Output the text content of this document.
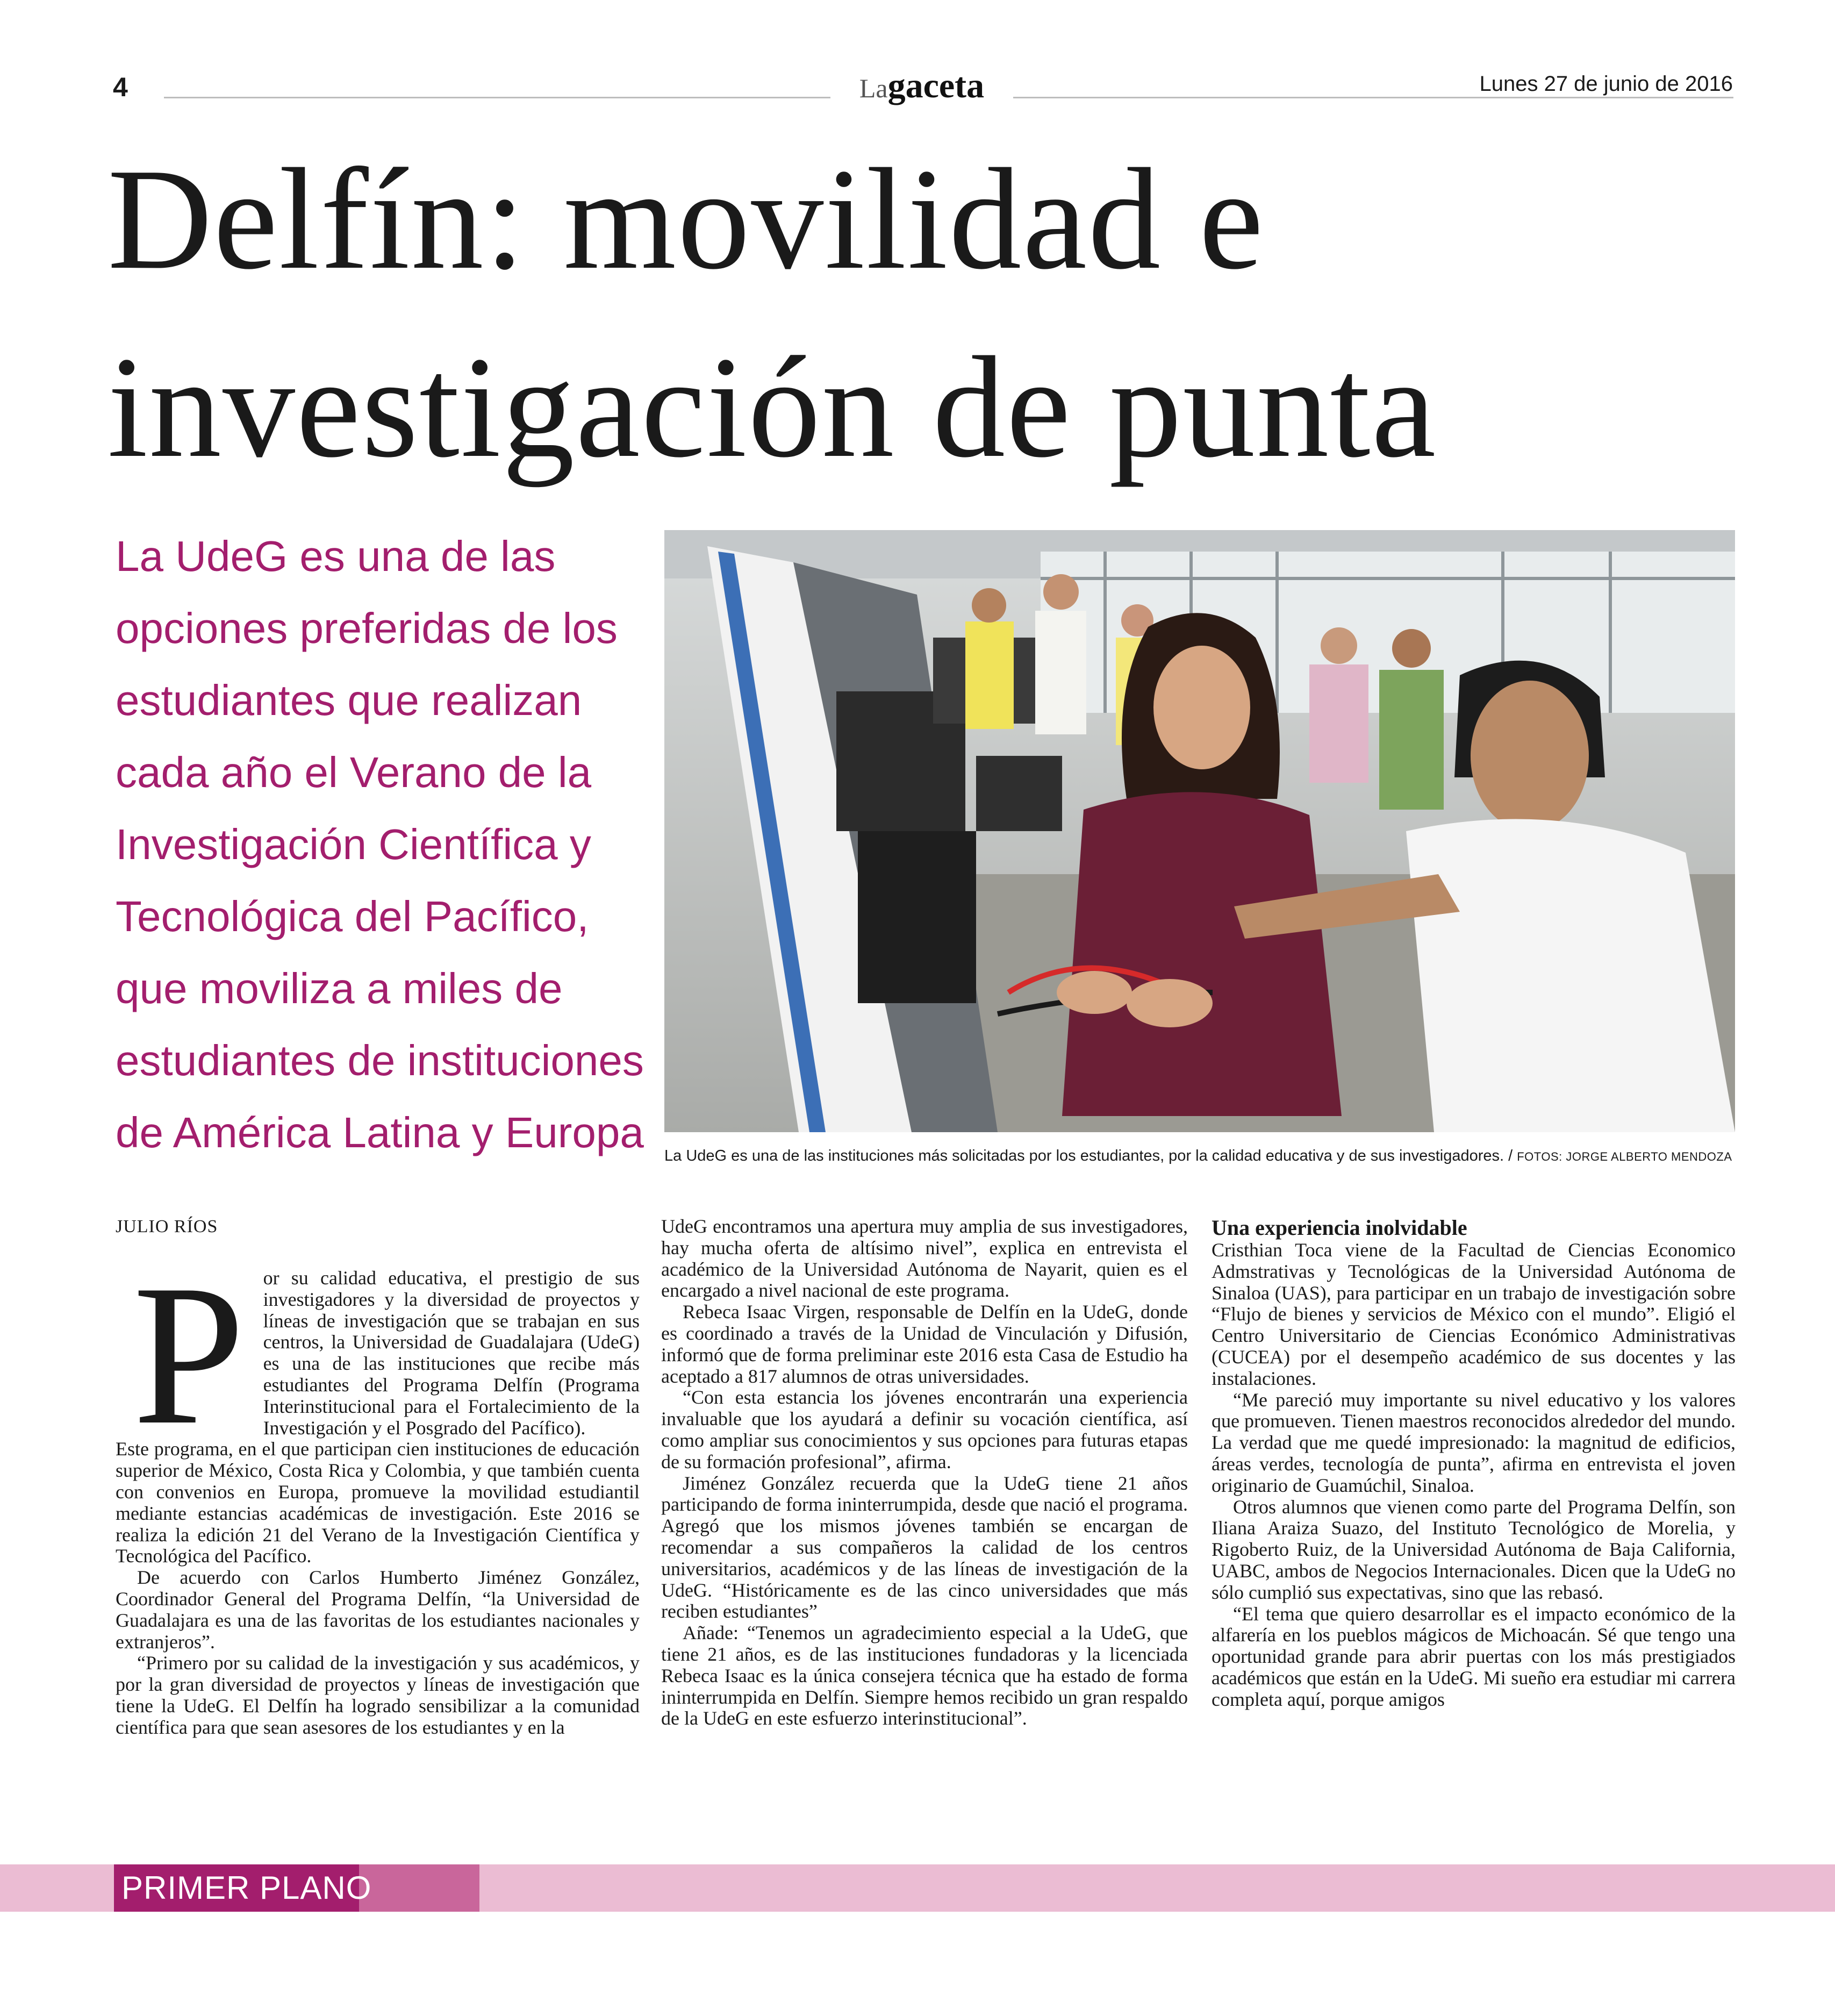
4	Lagaceta	Lunes 27 de junio de 2016
Delfín: movilidad e
investigación de punta
La UdeG es una de las opciones preferidas de los estudiantes que realizan cada año el Verano de la Investigación Científica y Tecnológica del Pacífico, que moviliza a miles de estudiantes de instituciones de América Latina y Europa	La UdeG es una de las instituciones más solicitadas por los estudiantes, por la calidad educativa y de sus investigadores. / FOTOS: JORGE ALBERTO MENDOZA
JULIO RÍOS
P or su calidad educativa, el prestigio de sus investigadores y la diversidad de proyectos y líneas de investigación que se trabajan en sus centros, la Universidad de Guadalajara (UdeG) es una de las instituciones que recibe más estudiantes del Programa Delfín (Programa Interinstitucional para el Fortalecimiento de la Investigación y el Posgrado del Pacífico).

Este programa, en el que participan cien instituciones de educación superior de México, Costa Rica y Colombia, y que también cuenta con convenios en Europa, promueve la movilidad estudiantil mediante estancias académicas de investigación. Este 2016 se realiza la edición 21 del Verano de la Investigación Científica y Tecnológica del Pacífico.

De acuerdo con Carlos Humberto Jiménez González, Coordinador General del Programa Delfín, “la Universidad de Guadalajara es una de las favoritas de los estudiantes nacionales y extranjeros”.

“Primero por su calidad de la investigación y sus académicos, y por la gran diversidad de proyectos y líneas de investigación que tiene la UdeG. El Delfín ha logrado sensibilizar a la comunidad científica para que sean asesores de los estudiantes y en la

UdeG encontramos una apertura muy amplia de sus investigadores, hay mucha oferta de altísimo nivel”, explica en entrevista el académico de la Universidad Autónoma de Nayarit, quien es el encargado a nivel nacional de este programa.

Rebeca Isaac Virgen, responsable de Delfín en la UdeG, donde es coordinado a través de la Unidad de Vinculación y Difusión, informó que de forma preliminar este 2016 esta Casa de Estudio ha aceptado a 817 alumnos de otras universidades.

“Con esta estancia los jóvenes encontrarán una experiencia invaluable que los ayudará a definir su vocación científica, así como ampliar sus conocimientos y sus opciones para futuras etapas de su formación profesional”, afirma.

Jiménez González recuerda que la UdeG tiene 21 años participando de forma ininterrumpida, desde que nació el programa. Agregó que los mismos jóvenes también se encargan de recomendar a sus compañeros la calidad de los centros universitarios, académicos y de las líneas de investigación de la UdeG. “Históricamente es de las cinco universidades que más reciben estudiantes”

Añade: “Tenemos un agradecimiento especial a la UdeG, que tiene 21 años, es de las instituciones fundadoras y la licenciada Rebeca Isaac es la única consejera técnica que ha estado de forma ininterrumpida en Delfín. Siempre hemos recibido un gran respaldo de la UdeG en este esfuerzo interinstitucional”.

Una experiencia inolvidable

Cristhian Toca viene de la Facultad de Ciencias Economico Admstrativas y Tecnológicas de la Universidad Autónoma de Sinaloa (UAS), para participar en un trabajo de investigación sobre “Flujo de bienes y servicios de México con el mundo”. Eligió el Centro Universitario de Ciencias Económico Administrativas (CUCEA) por el desempeño académico de sus docentes y las instalaciones.

“Me pareció muy importante su nivel educativo y los valores que promueven. Tienen maestros reconocidos alrededor del mundo. La verdad que me quedé impresionado: la magnitud de edificios, áreas verdes, tecnología de punta”, afirma en entrevista el joven originario de Guamúchil, Sinaloa.

Otros alumnos que vienen como parte del Programa Delfín, son Iliana Araiza Suazo, del Instituto Tecnológico de Morelia, y Rigoberto Ruiz, de la Universidad Autónoma de Baja California, UABC, ambos de Negocios Internacionales. Dicen que la UdeG no sólo cumplió sus expectativas, sino que las rebasó.

“El tema que quiero desarrollar es el impacto económico de la alfarería en los pueblos mágicos de Michoacán. Sé que tengo una oportunidad grande para abrir puertas con los más prestigiados académicos que están en la UdeG. Mi sueño era estudiar mi carrera completa aquí, porque amigos

PRIMER PLANO
